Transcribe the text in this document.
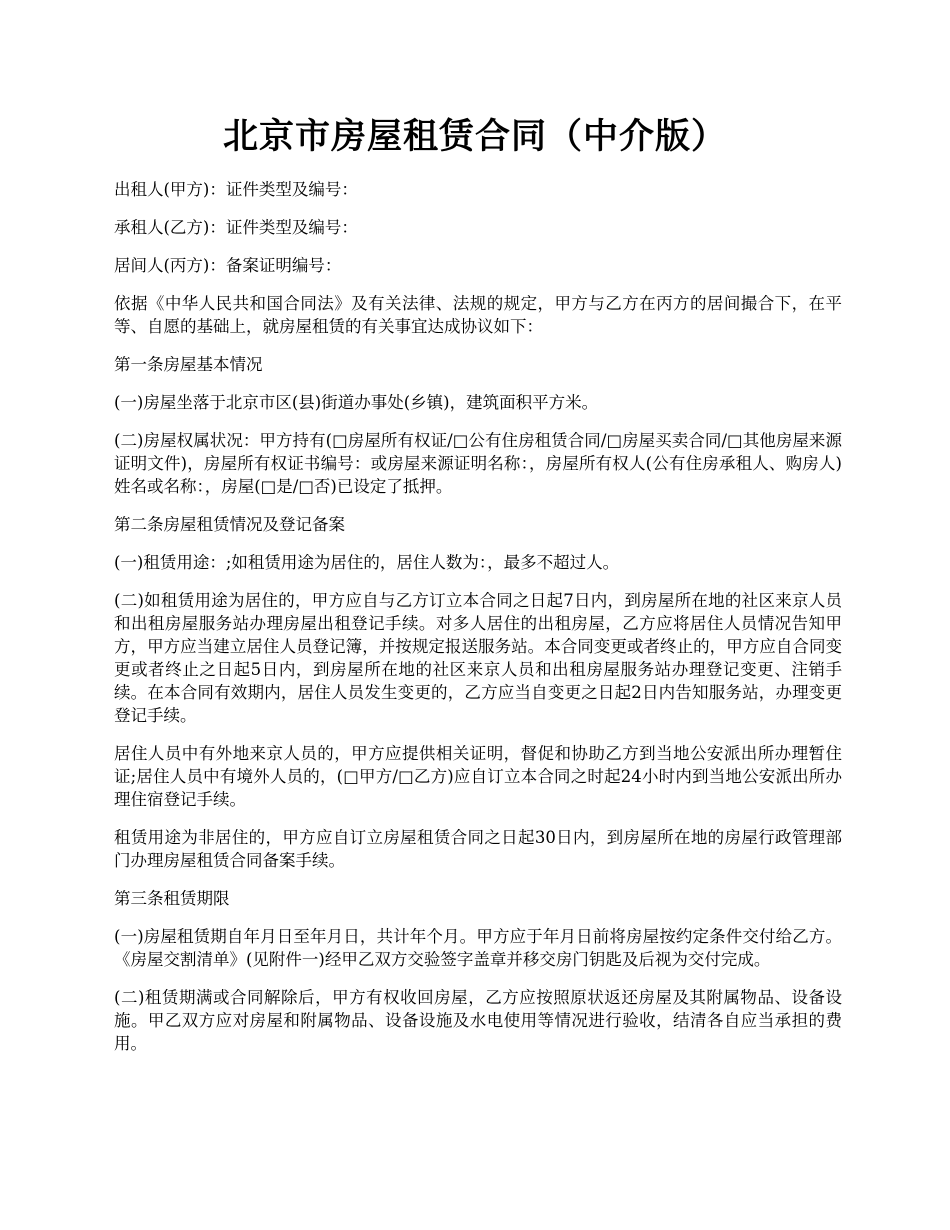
北京市房屋租赁合同（中介版）

出租人(甲方)：证件类型及编号：

承租人(乙方)：证件类型及编号：

居间人(丙方)：备案证明编号：

依据《中华人民共和国合同法》及有关法律、法规的规定，甲方与乙方在丙方的居间撮合下，在平等、自愿的基础上，就房屋租赁的有关事宜达成协议如下：

第一条房屋基本情况

(一)房屋坐落于北京市区(县)街道办事处(乡镇)，建筑面积平方米。

(二)房屋权属状况：甲方持有(□房屋所有权证/□公有住房租赁合同/□房屋买卖合同/□其他房屋来源证明文件)，房屋所有权证书编号：或房屋来源证明名称：，房屋所有权人(公有住房承租人、购房人)姓名或名称：，房屋(□是/□否)已设定了抵押。

第二条房屋租赁情况及登记备案

(一)租赁用途：;如租赁用途为居住的，居住人数为：，最多不超过人。

(二)如租赁用途为居住的，甲方应自与乙方订立本合同之日起7日内，到房屋所在地的社区来京人员和出租房屋服务站办理房屋出租登记手续。对多人居住的出租房屋，乙方应将居住人员情况告知甲方，甲方应当建立居住人员登记簿，并按规定报送服务站。本合同变更或者终止的，甲方应自合同变更或者终止之日起5日内，到房屋所在地的社区来京人员和出租房屋服务站办理登记变更、注销手续。在本合同有效期内，居住人员发生变更的，乙方应当自变更之日起2日内告知服务站，办理变更登记手续。

居住人员中有外地来京人员的，甲方应提供相关证明，督促和协助乙方到当地公安派出所办理暂住证;居住人员中有境外人员的，(□甲方/□乙方)应自订立本合同之时起24小时内到当地公安派出所办理住宿登记手续。

租赁用途为非居住的，甲方应自订立房屋租赁合同之日起30日内，到房屋所在地的房屋行政管理部门办理房屋租赁合同备案手续。

第三条租赁期限

(一)房屋租赁期自年月日至年月日，共计年个月。甲方应于年月日前将房屋按约定条件交付给乙方。《房屋交割清单》(见附件一)经甲乙双方交验签字盖章并移交房门钥匙及后视为交付完成。

(二)租赁期满或合同解除后，甲方有权收回房屋，乙方应按照原状返还房屋及其附属物品、设备设施。甲乙双方应对房屋和附属物品、设备设施及水电使用等情况进行验收，结清各自应当承担的费用。
